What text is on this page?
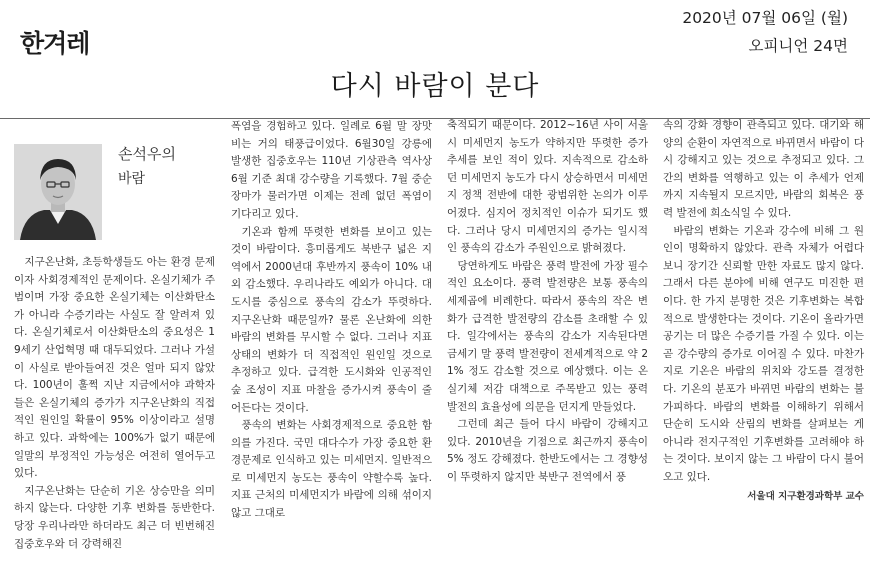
한겨레
2020년 07월 06일 (월)
오피니언 24면
다시 바람이 분다
손석우의
바람

지구온난화, 초등학생들도 아는 환경 문제이자 사회경제적인 문제이다. 온실기체가 주범이며 가장 중요한 온실기체는 이산화탄소가 아니라 수증기라는 사실도 잘 알려져 있다. 온실기체로서 이산화탄소의 중요성은 19세기 산업혁명 때 대두되었다. 그러나 가설이 사실로 받아들여진 것은 얼마 되지 않았다. 100년이 훌쩍 지난 지금에서야 과학자들은 온실기체의 증가가 지구온난화의 직접적인 원인일 확률이 95% 이상이라고 설명하고 있다. 과학에는 100%가 없기 때문에 일말의 부정적인 가능성은 여전히 열어두고 있다.

지구온난화는 단순히 기온 상승만을 의미하지 않는다. 다양한 기후 변화를 동반한다. 당장 우리나라만 하더라도 최근 더 빈번해진 집중호우와 더 강력해진

폭염을 경험하고 있다. 일례로 6월 말 장맛비는 거의 태풍급이었다. 6월30일 강릉에 발생한 집중호우는 110년 기상관측 역사상 6월 기준 최대 강수량을 기록했다. 7월 중순 장마가 물러가면 이제는 전례 없던 폭염이 기다리고 있다.

기온과 함께 뚜렷한 변화를 보이고 있는 것이 바람이다. 흥미롭게도 북반구 넓은 지역에서 2000년대 후반까지 풍속이 10% 내외 감소했다. 우리나라도 예외가 아니다. 대도시를 중심으로 풍속의 감소가 뚜렷하다. 지구온난화 때문일까? 물론 온난화에 의한 바람의 변화를 무시할 수 없다. 그러나 지표 상태의 변화가 더 직접적인 원인일 것으로 추정하고 있다. 급격한 도시화와 인공적인 숲 조성이 지표 마찰을 증가시켜 풍속이 줄어든다는 것이다.

풍속의 변화는 사회경제적으로 중요한 함의를 가진다. 국민 대다수가 가장 중요한 환경문제로 인식하고 있는 미세먼지. 일반적으로 미세먼지 농도는 풍속이 약할수록 높다. 지표 근처의 미세먼지가 바람에 의해 섞이지 않고 그대로

축적되기 때문이다. 2012~16년 사이 서울시 미세먼지 농도가 약하지만 뚜렷한 증가 추세를 보인 적이 있다. 지속적으로 감소하던 미세먼지 농도가 다시 상승하면서 미세먼지 정책 전반에 대한 광범위한 논의가 이루어졌다. 심지어 정치적인 이슈가 되기도 했다. 그러나 당시 미세먼지의 증가는 일시적인 풍속의 감소가 주원인으로 밝혀졌다.

당연하게도 바람은 풍력 발전에 가장 필수적인 요소이다. 풍력 발전량은 보통 풍속의 세제곱에 비례한다. 따라서 풍속의 작은 변화가 급격한 발전량의 감소를 초래할 수 있다. 일각에서는 풍속의 감소가 지속된다면 금세기 말 풍력 발전량이 전세계적으로 약 21% 정도 감소할 것으로 예상했다. 이는 온실기체 저감 대책으로 주목받고 있는 풍력 발전의 효율성에 의문을 던지게 만들었다.

그런데 최근 들어 다시 바람이 강해지고 있다. 2010년을 기점으로 최근까지 풍속이 5% 정도 강해졌다. 한반도에서는 그 경향성이 뚜렷하지 않지만 북반구 전역에서 풍

속의 강화 경향이 관측되고 있다. 대기와 해양의 순환이 자연적으로 바뀌면서 바람이 다시 강해지고 있는 것으로 추정되고 있다. 그간의 변화를 역행하고 있는 이 추세가 언제까지 지속될지 모르지만, 바람의 회복은 풍력 발전에 희소식일 수 있다.

바람의 변화는 기온과 강수에 비해 그 원인이 명확하지 않았다. 관측 자체가 어렵다 보니 장기간 신뢰할 만한 자료도 많지 않다. 그래서 다른 분야에 비해 연구도 미진한 편이다. 한 가지 분명한 것은 기후변화는 복합적으로 발생한다는 것이다. 기온이 올라가면 공기는 더 많은 수증기를 가질 수 있다. 이는 곧 강수량의 증가로 이어질 수 있다. 마찬가지로 기온은 바람의 위치와 강도를 결정한다. 기온의 분포가 바뀌면 바람의 변화는 불가피하다. 바람의 변화를 이해하기 위해서 단순히 도시와 산림의 변화를 살펴보는 게 아니라 전지구적인 기후변화를 고려해야 하는 것이다. 보이지 않는 그 바람이 다시 불어오고 있다.

서울대 지구환경과학부 교수
